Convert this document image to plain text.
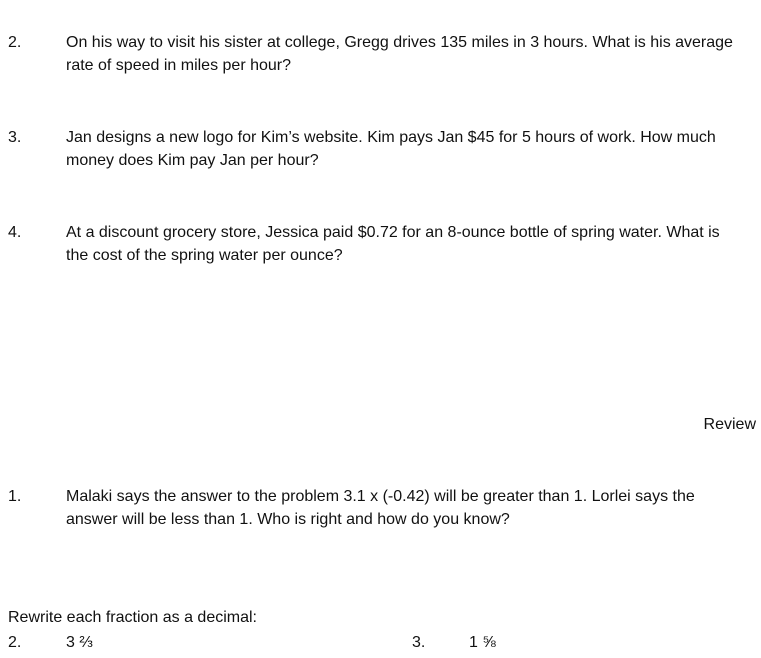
2.	On his way to visit his sister at college, Gregg drives 135 miles in 3 hours. What is his average rate of speed in miles per hour?
3.	Jan designs a new logo for Kim’s website. Kim pays Jan $45 for 5 hours of work. How much money does Kim pay Jan per hour?
4.	At a discount grocery store, Jessica paid $0.72 for an 8-ounce bottle of spring water. What is the cost of the spring water per ounce?
Review
1.	Malaki says the answer to the problem 3.1 x (-0.42) will be greater than 1. Lorlei says the answer will be less than 1. Who is right and how do you know?
Rewrite each fraction as a decimal:
2.	3 ⅔	3.	1 ⅝
